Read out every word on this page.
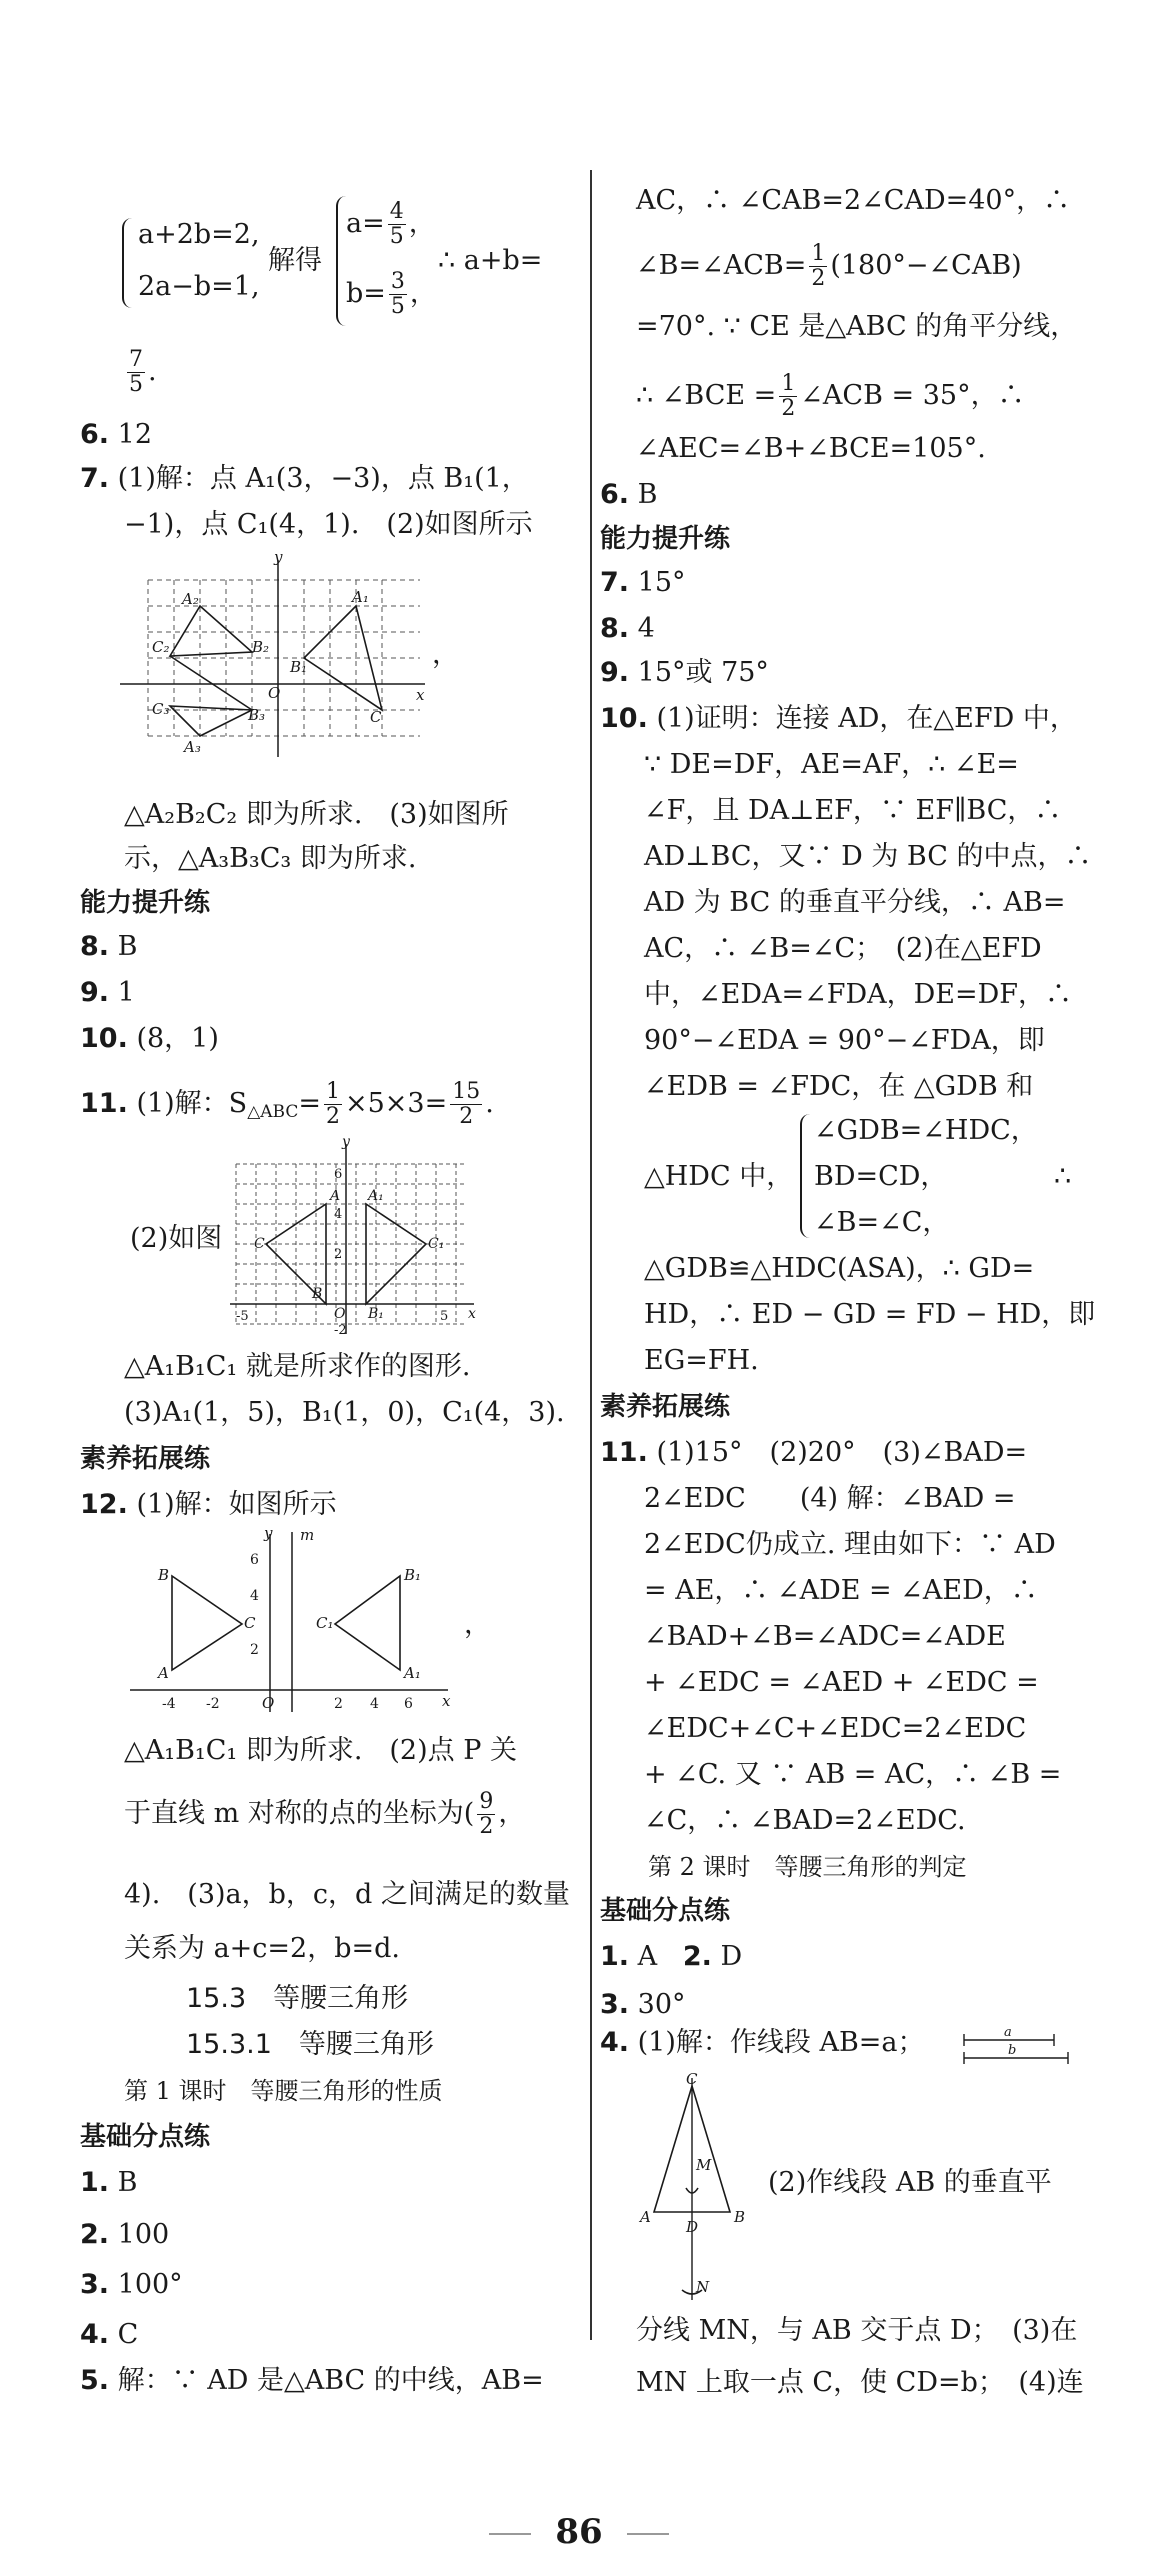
a+2b=2,
2a−b=1,
解得
$a= \frac{4}{5}$ ，
$b= \frac{3}{5}$ ，
∴ a+b=
$\frac{7}{5}$ .
6. 12
7. (1)解：点 A₁(3，−3)，点 B₁(1，
−1)，点 C₁(4，1).　(2)如图所示
A₂	A₁
C₂	B₂
B₁
O
C₃	B₃
A₃
C
y
x
，
△A₂B₂C₂ 即为所求.　(3)如图所
示，△A₃B₃C₃ 即为所求.
能力提升练
8. B
9. 1
10. (8，1)
11. (1)解：$S_{\triangle ABC}= \frac{1}{2} \times 5\times 3= \frac{15}{2}$ .
(2)如图
A A₁
C	C₁
B
B₁
O
y
x
6
4
2
-2
-5	5
△A₁B₁C₁ 就是所求作的图形.
(3)A₁(1，5)，B₁(1，0)，C₁(4，3).
素养拓展练
12. (1)解：如图所示
B	B₁
C	C₁
A	A₁
O
y m
x
6
4
2
-4 -2	2 4 6
，
△A₁B₁C₁ 即为所求.　(2)点 P 关
于直线 m 对称的点的坐标为( $\frac{9}{2}$ ，
4).　(3)a，b，c，d 之间满足的数量
关系为 a+c=2，b=d.
15.3　等腰三角形
15.3.1　等腰三角形
第 1 课时　等腰三角形的性质
基础分点练
1. B
2. 100
3. 100°
4. C
5. 解：∵ AD 是△ABC 的中线，AB=
AC，∴ ∠CAB=2∠CAD=40°，∴
∠B=∠ACB= $\frac{1}{2}$ (180°−∠CAB)
=70°. ∵ CE 是△ABC 的角平分线，
∴ ∠BCE = $\frac{1}{2}$ ∠ACB = 35°，∴
∠AEC=∠B+∠BCE=105°.
6. B
能力提升练
7. 15°
8. 4
9. 15°或 75°
10. (1)证明：连接 AD，在△EFD 中，
∵ DE=DF，AE=AF，∴ ∠E=
∠F，且 DA⊥EF，∵ EF∥BC，∴
AD⊥BC，又∵ D 为 BC 的中点，∴
AD 为 BC 的垂直平分线，∴ AB=
AC，∴ ∠B=∠C；　(2)在△EFD
中，∠EDA=∠FDA，DE=DF，∴
90°−∠EDA = 90°−∠FDA，即
∠EDB = ∠FDC，在 △GDB 和
∠GDB=∠HDC，
△HDC 中， BD=CD，	∴
∠B=∠C，
△GDB≌△HDC(ASA)，∴ GD=
HD，∴ ED − GD = FD − HD，即
EG=FH.
素养拓展练
11. (1)15°　(2)20°　(3)∠BAD=
2∠EDC　　(4) 解：∠BAD =
2∠EDC仍成立. 理由如下：∵ AD
= AE，∴ ∠ADE = ∠AED，∴
∠BAD+∠B=∠ADC=∠ADE
+ ∠EDC = ∠AED + ∠EDC =
∠EDC+∠C+∠EDC=2∠EDC
+ ∠C. 又 ∵ AB = AC，∴ ∠B =
∠C，∴ ∠BAD=2∠EDC.
第 2 课时　等腰三角形的判定
基础分点练
1. A 2. D
3. 30°
4. (1)解：作线段 AB=a；	a
b
C
M
A	B
D
N
(2)作线段 AB 的垂直平
分线 MN，与 AB 交于点 D；　(3)在
MN 上取一点 C，使 CD=b；　(4)连
86
